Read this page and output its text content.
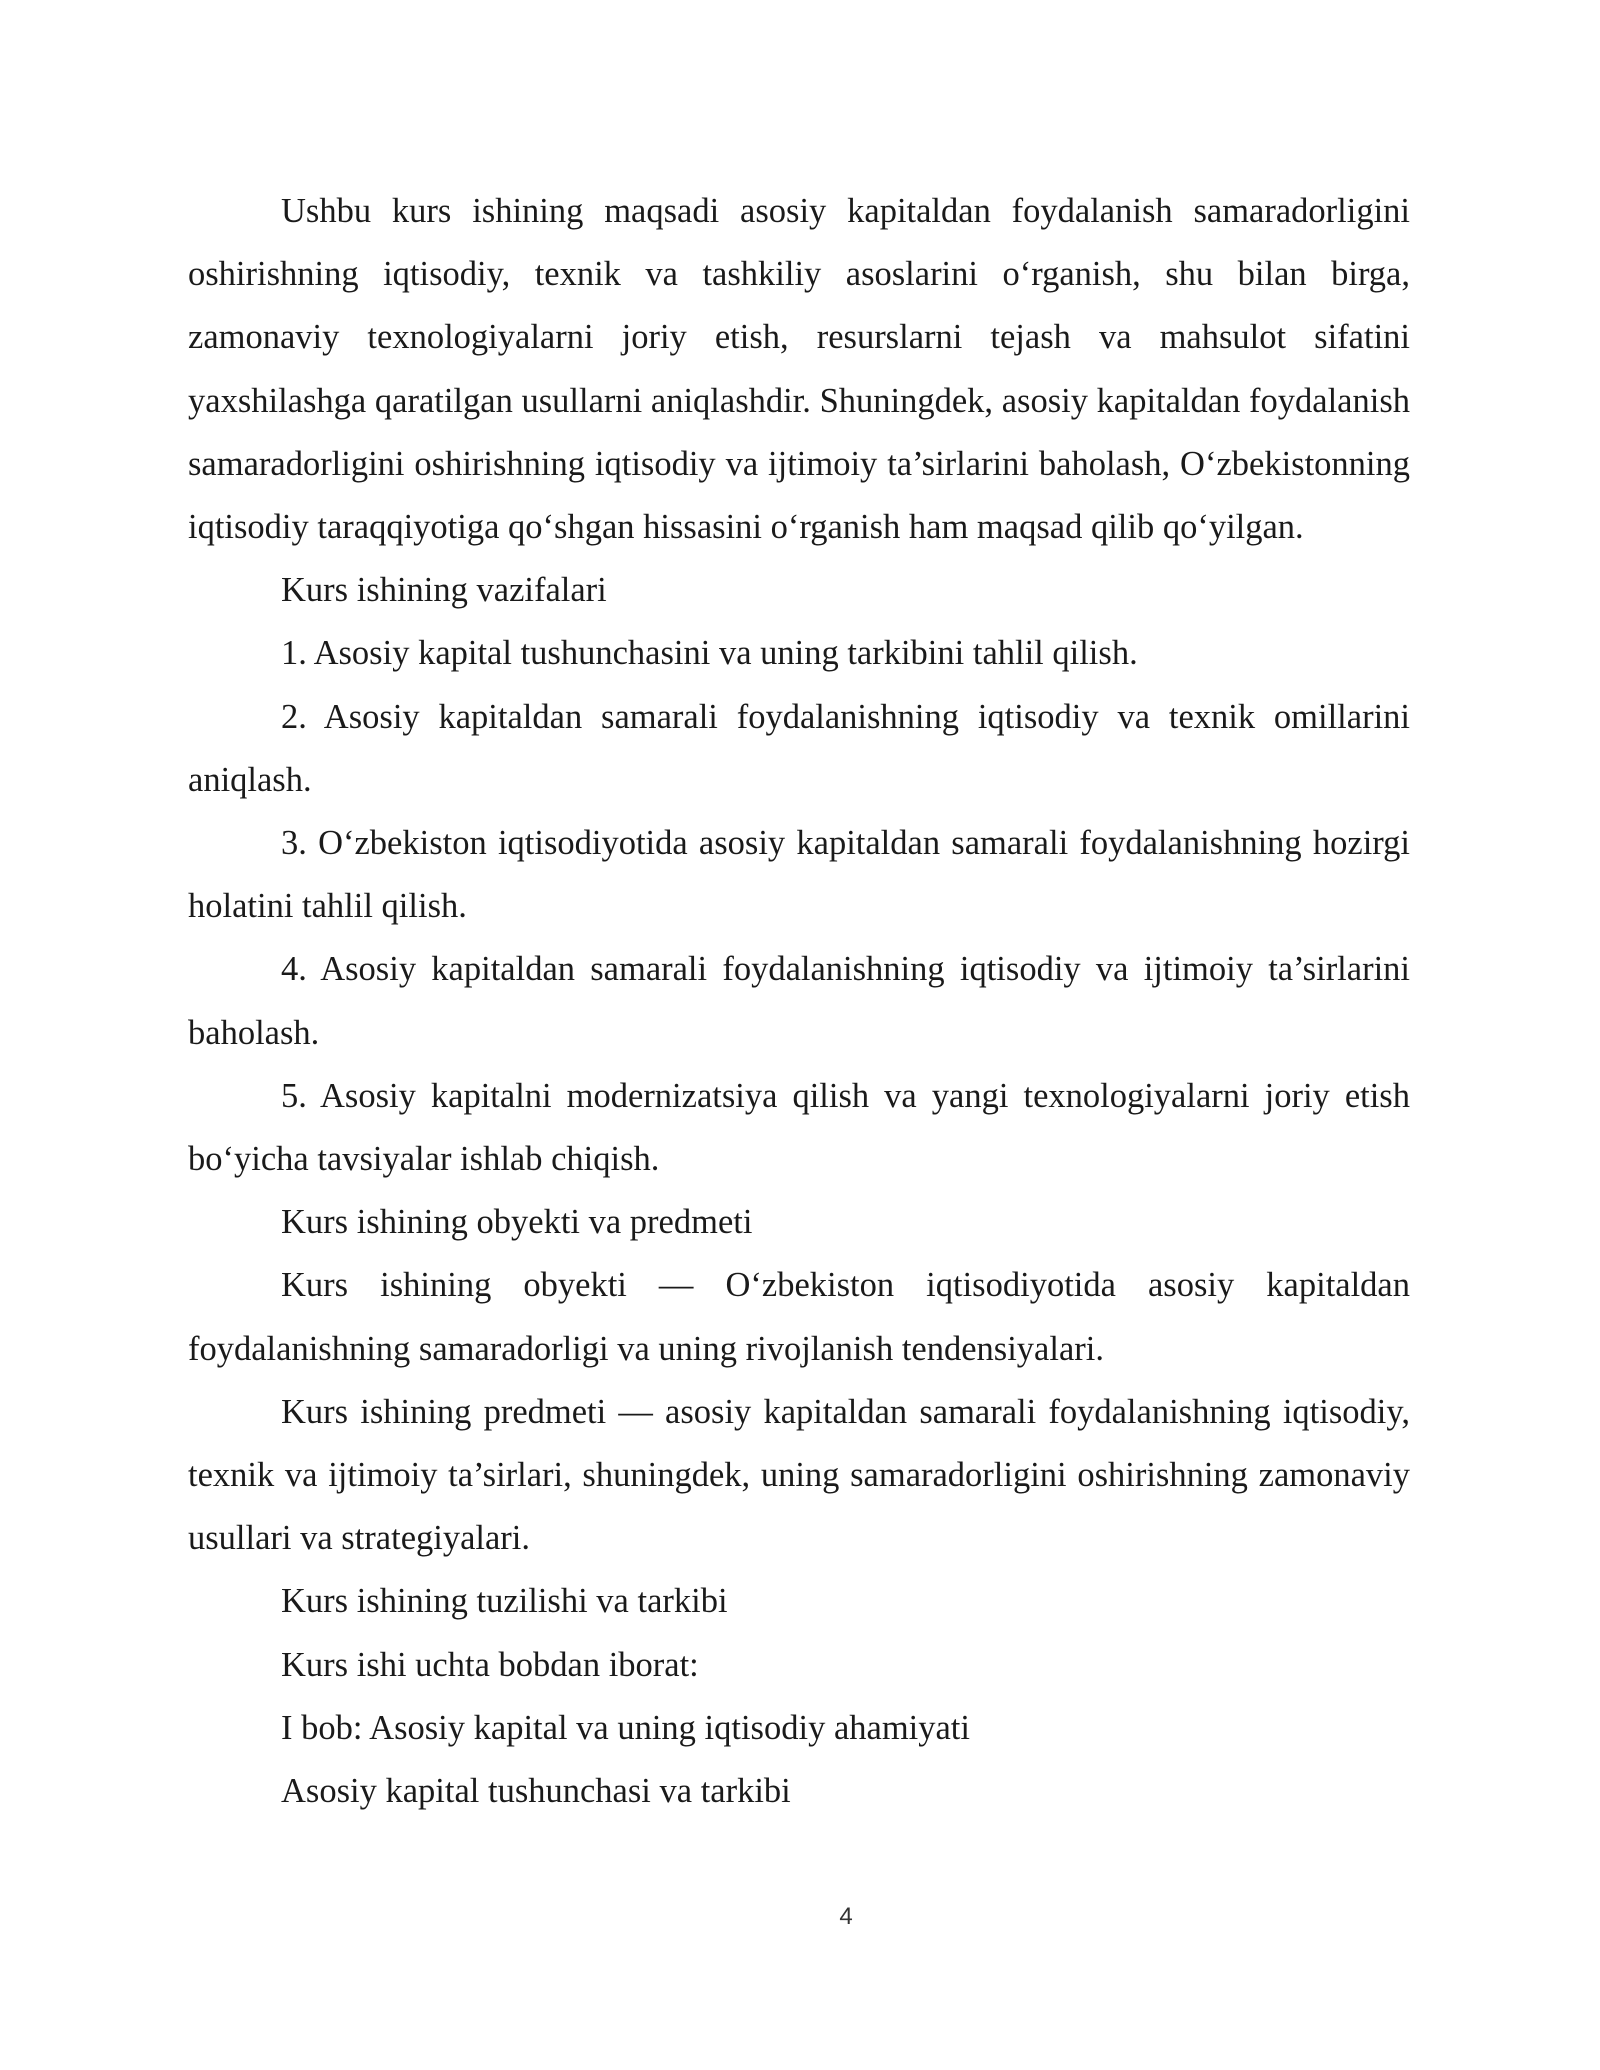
Ushbu kurs ishining maqsadi asosiy kapitaldan foydalanish samaradorligini oshirishning iqtisodiy, texnik va tashkiliy asoslarini o‘rganish, shu bilan birga, zamonaviy texnologiyalarni joriy etish, resurslarni tejash va mahsulot sifatini yaxshilashga qaratilgan usullarni aniqlashdir. Shuningdek, asosiy kapitaldan foydalanish samaradorligini oshirishning iqtisodiy va ijtimoiy ta’sirlarini baholash, O‘zbekistonning iqtisodiy taraqqiyotiga qo‘shgan hissasini o‘rganish ham maqsad qilib qo‘yilgan.

Kurs ishining vazifalari

1. Asosiy kapital tushunchasini va uning tarkibini tahlil qilish.

2. Asosiy kapitaldan samarali foydalanishning iqtisodiy va texnik omillarini aniqlash.

3. O‘zbekiston iqtisodiyotida asosiy kapitaldan samarali foydalanishning hozirgi holatini tahlil qilish.

4. Asosiy kapitaldan samarali foydalanishning iqtisodiy va ijtimoiy ta’sirlarini baholash.

5. Asosiy kapitalni modernizatsiya qilish va yangi texnologiyalarni joriy etish bo‘yicha tavsiyalar ishlab chiqish.

Kurs ishining obyekti va predmeti

Kurs ishining obyekti — O‘zbekiston iqtisodiyotida asosiy kapitaldan foydalanishning samaradorligi va uning rivojlanish tendensiyalari.

Kurs ishining predmeti — asosiy kapitaldan samarali foydalanishning iqtisodiy, texnik va ijtimoiy ta’sirlari, shuningdek, uning samaradorligini oshirishning zamonaviy usullari va strategiyalari.

Kurs ishining tuzilishi va tarkibi

Kurs ishi uchta bobdan iborat:

I bob: Asosiy kapital va uning iqtisodiy ahamiyati

Asosiy kapital tushunchasi va tarkibi

4
